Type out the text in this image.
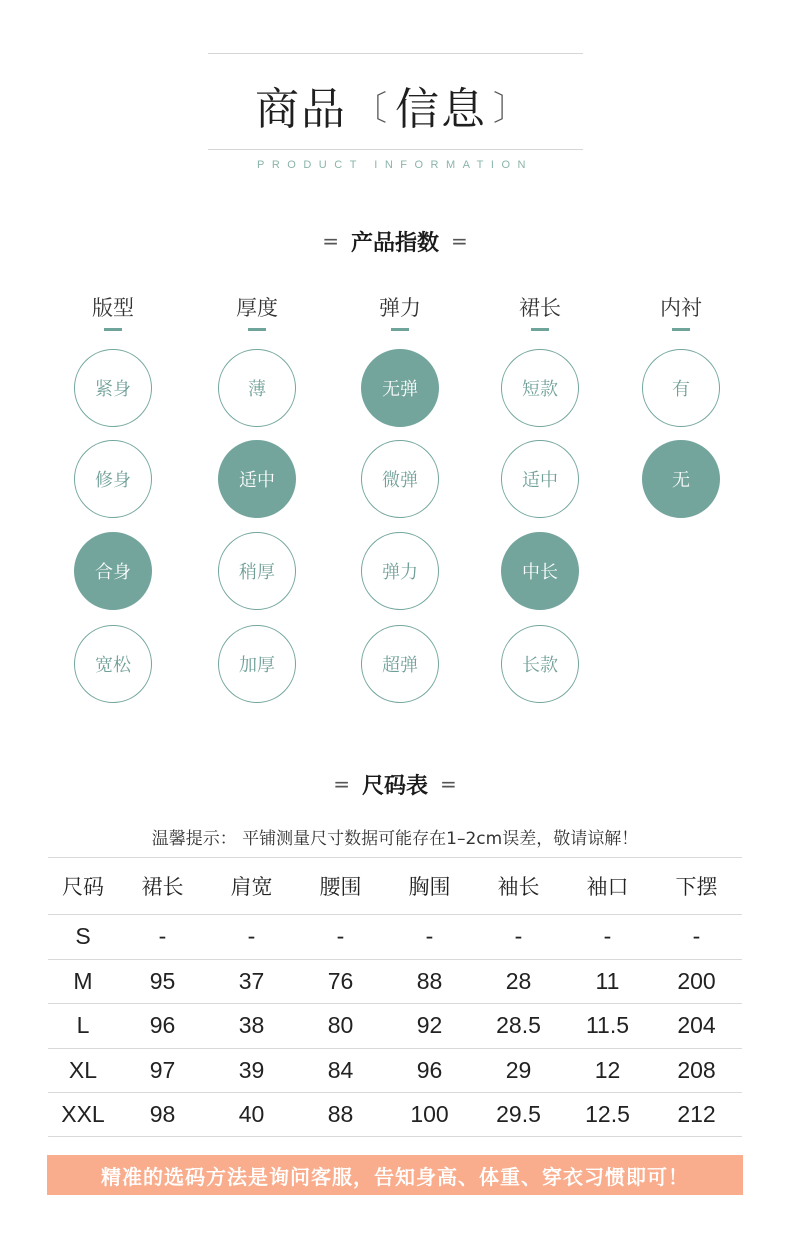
商品 〔 信息 〕
PRODUCT INFORMATION
= 产品指数 =
版型
紧身
修身
合身
宽松
厚度
薄
适中
稍厚
加厚
弹力
无弹
微弹
弹力
超弹
裙长
短款
适中
中长
长款
内衬
有
无
= 尺码表 =
温馨提示： 平铺测量尺寸数据可能存在1–2cm误差，敬请谅解！
尺码	裙长	肩宽	腰围	胸围	袖长	袖口	下摆
S	-	-	-	-	-	-	-
M	95	37	76	88	28	11	200
L	96	38	80	92	28.5	11.5	204
XL	97	39	84	96	29	12	208
XXL	98	40	88	100	29.5	12.5	212
精准的选码方法是询问客服，告知身高、体重、穿衣习惯即可！
